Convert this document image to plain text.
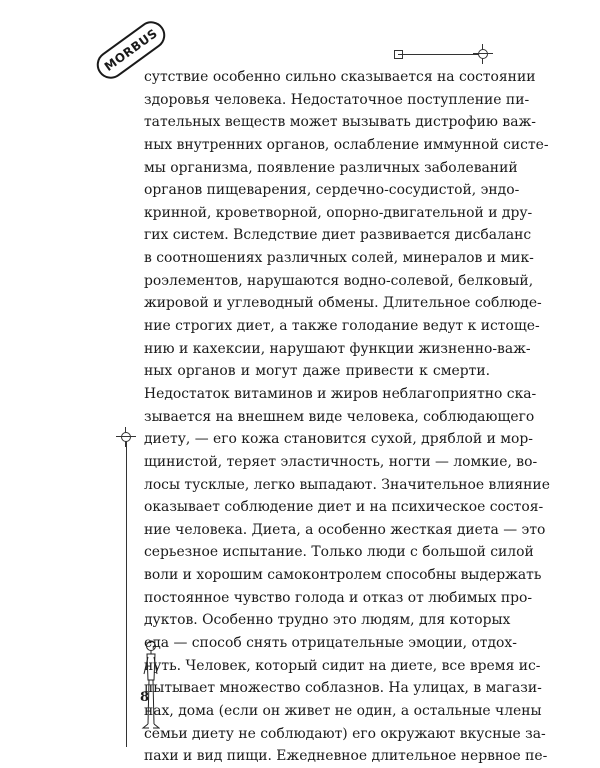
MORBUS
сутствие особенно сильно сказывается на состоянии
здоровья человека. Недостаточное поступление пи-
тательных веществ может вызывать дистрофию важ-
ных внутренних органов, ослабление иммунной систе-
мы организма, появление различных заболеваний
органов пищеварения, сердечно-сосудистой, эндо-
кринной, кроветворной, опорно-двигательной и дру-
гих систем. Вследствие диет развивается дисбаланс
в соотношениях различных солей, минералов и мик-
роэлементов, нарушаются водно-солевой, белковый,
жировой и углеводный обмены. Длительное соблюде-
ние строгих диет, а также голодание ведут к истоще-
нию и кахексии, нарушают функции жизненно-важ-
ных органов и могут даже привести к смерти.
Недостаток витаминов и жиров неблагоприятно ска-
зывается на внешнем виде человека, соблюдающего
диету, — его кожа становится сухой, дряблой и мор-
щинистой, теряет эластичность, ногти — ломкие, во-
лосы тусклые, легко выпадают. Значительное влияние
оказывает соблюдение диет и на психическое состоя-
ние человека. Диета, а особенно жесткая диета — это
серьезное испытание. Только люди с большой силой
воли и хорошим самоконтролем способны выдержать
постоянное чувство голода и отказ от любимых про-
дуктов. Особенно трудно это людям, для которых
еда — способ снять отрицательные эмоции, отдох-
нуть. Человек, который сидит на диете, все время ис-
пытывает множество соблазнов. На улицах, в магази-
нах, дома (если он живет не один, а остальные члены
семьи диету не соблюдают) его окружают вкусные за-
пахи и вид пищи. Ежедневное длительное нервное пе-
8
